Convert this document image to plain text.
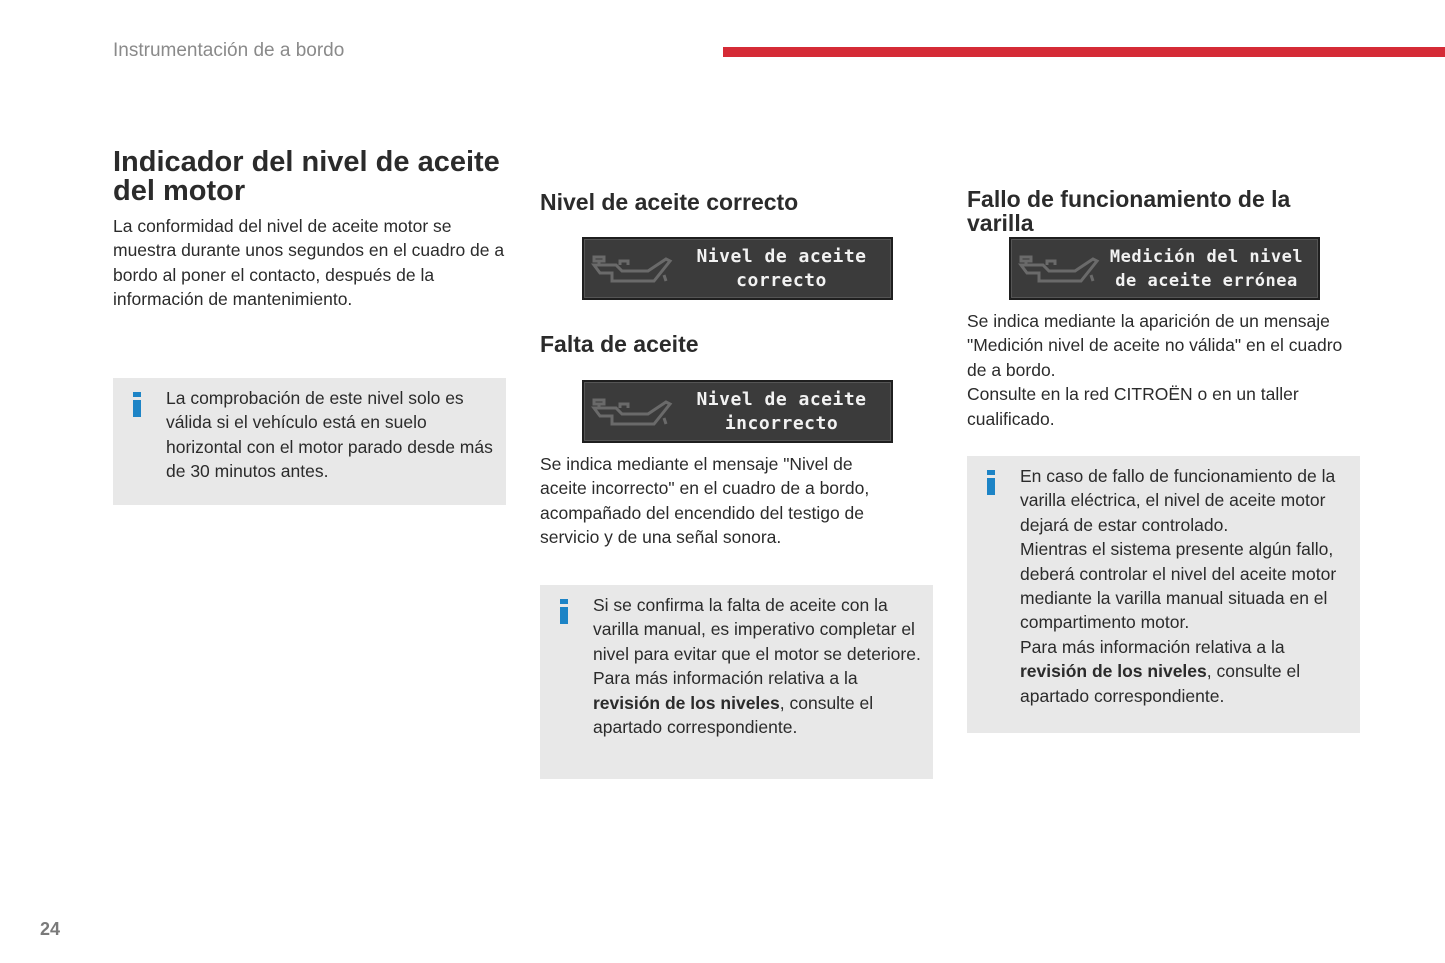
Instrumentación de a bordo
Indicador del nivel de aceite del motor

La conformidad del nivel de aceite motor se muestra durante unos segundos en el cuadro de a bordo al poner el contacto, después de la información de mantenimiento.

La comprobación de este nivel solo es válida si el vehículo está en suelo horizontal con el motor parado desde más de 30 minutos antes.
Nivel de aceite correcto
Nivel de aceite
correcto
Falta de aceite
Nivel de aceite
incorrecto

Se indica mediante el mensaje "Nivel de aceite incorrecto" en el cuadro de a bordo, acompañado del encendido del testigo de servicio y de una señal sonora.

Si se confirma la falta de aceite con la varilla manual, es imperativo completar el nivel para evitar que el motor se deteriore.
Para más información relativa a la revisión de los niveles, consulte el apartado correspondiente.
Fallo de funcionamiento de la varilla
Medición del nivel
de aceite errónea

Se indica mediante la aparición de un mensaje "Medición nivel de aceite no válida" en el cuadro de a bordo.

Consulte en la red CITROËN o en un taller cualificado.

En caso de fallo de funcionamiento de la varilla eléctrica, el nivel de aceite motor dejará de estar controlado.
Mientras el sistema presente algún fallo, deberá controlar el nivel del aceite motor mediante la varilla manual situada en el compartimento motor.
Para más información relativa a la revisión de los niveles, consulte el apartado correspondiente.
24
